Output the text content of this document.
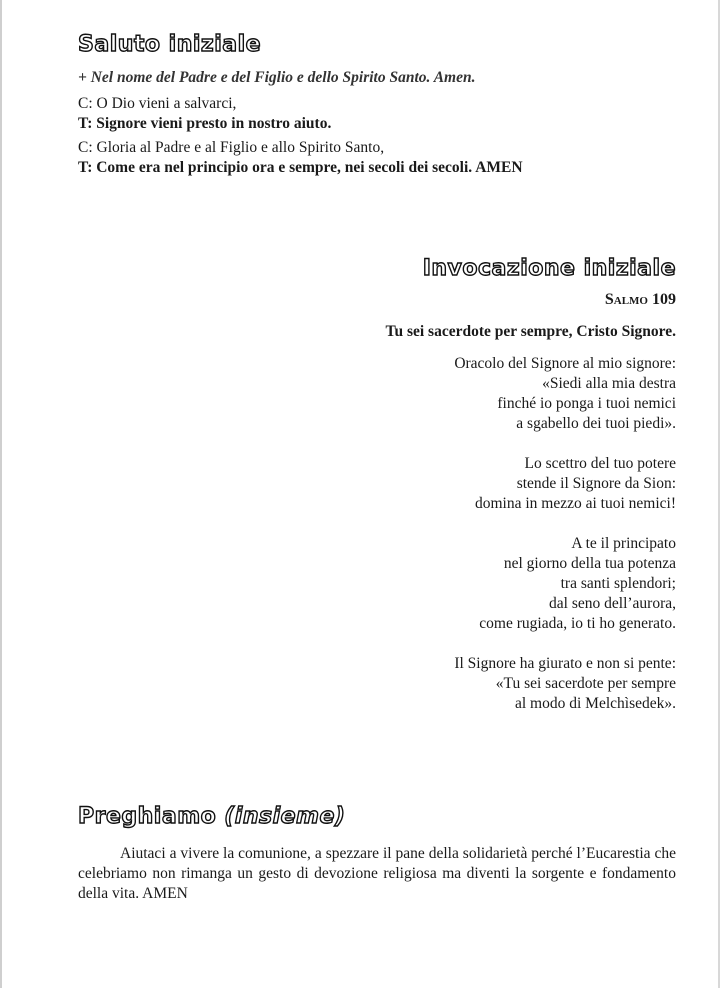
Saluto iniziale
+ Nel nome del Padre e del Figlio e dello Spirito Santo. Amen.
C: O Dio vieni a salvarci,
T: Signore vieni presto in nostro aiuto.
C: Gloria al Padre e al Figlio e allo Spirito Santo,
T: Come era nel principio ora e sempre, nei secoli dei secoli. AMEN
Invocazione iniziale
Salmo 109
Tu sei sacerdote per sempre, Cristo Signore.
Oracolo del Signore al mio signore:
«Siedi alla mia destra
finché io ponga i tuoi nemici
a sgabello dei tuoi piedi».
Lo scettro del tuo potere
stende il Signore da Sion:
domina in mezzo ai tuoi nemici!
A te il principato
nel giorno della tua potenza
tra santi splendori;
dal seno dell’aurora,
come rugiada, io ti ho generato.
Il Signore ha giurato e non si pente:
«Tu sei sacerdote per sempre
al modo di Melchìsedek».
Preghiamo (insieme)
Aiutaci a vivere la comunione, a spezzare il pane della solidarietà perché l’Eucarestia che celebriamo non rimanga un gesto di devozione religiosa ma diventi la sorgente e fondamento della vita. AMEN
